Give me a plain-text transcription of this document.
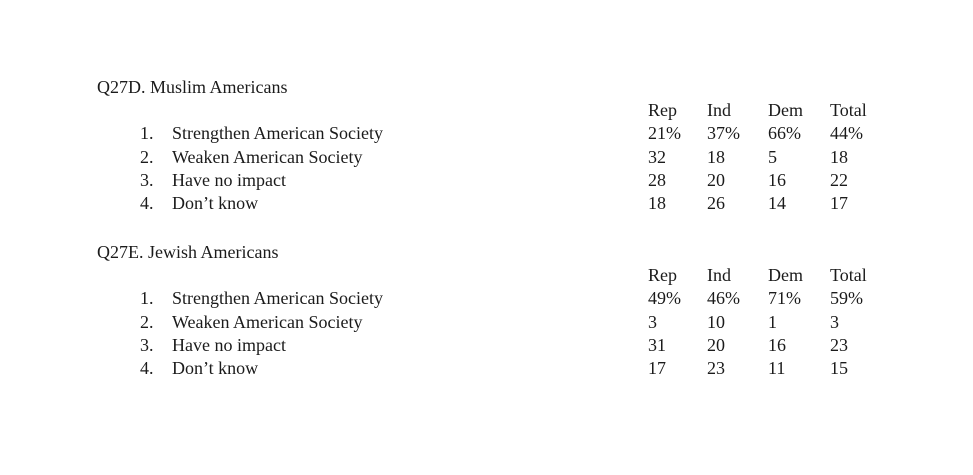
Q27D. Muslim Americans
Rep Ind Dem Total
1. Strengthen American Society	21% 37% 66% 44%
2. Weaken American Society	32 18 5	18
3. Have no impact	28 20 16 22
4. Don’t know	18 26 14 17
Q27E. Jewish Americans
Rep Ind Dem Total
1. Strengthen American Society	49% 46% 71% 59%
2. Weaken American Society	3	10 1	3
3. Have no impact	31 20 16 23
4. Don’t know	17 23 11 15
